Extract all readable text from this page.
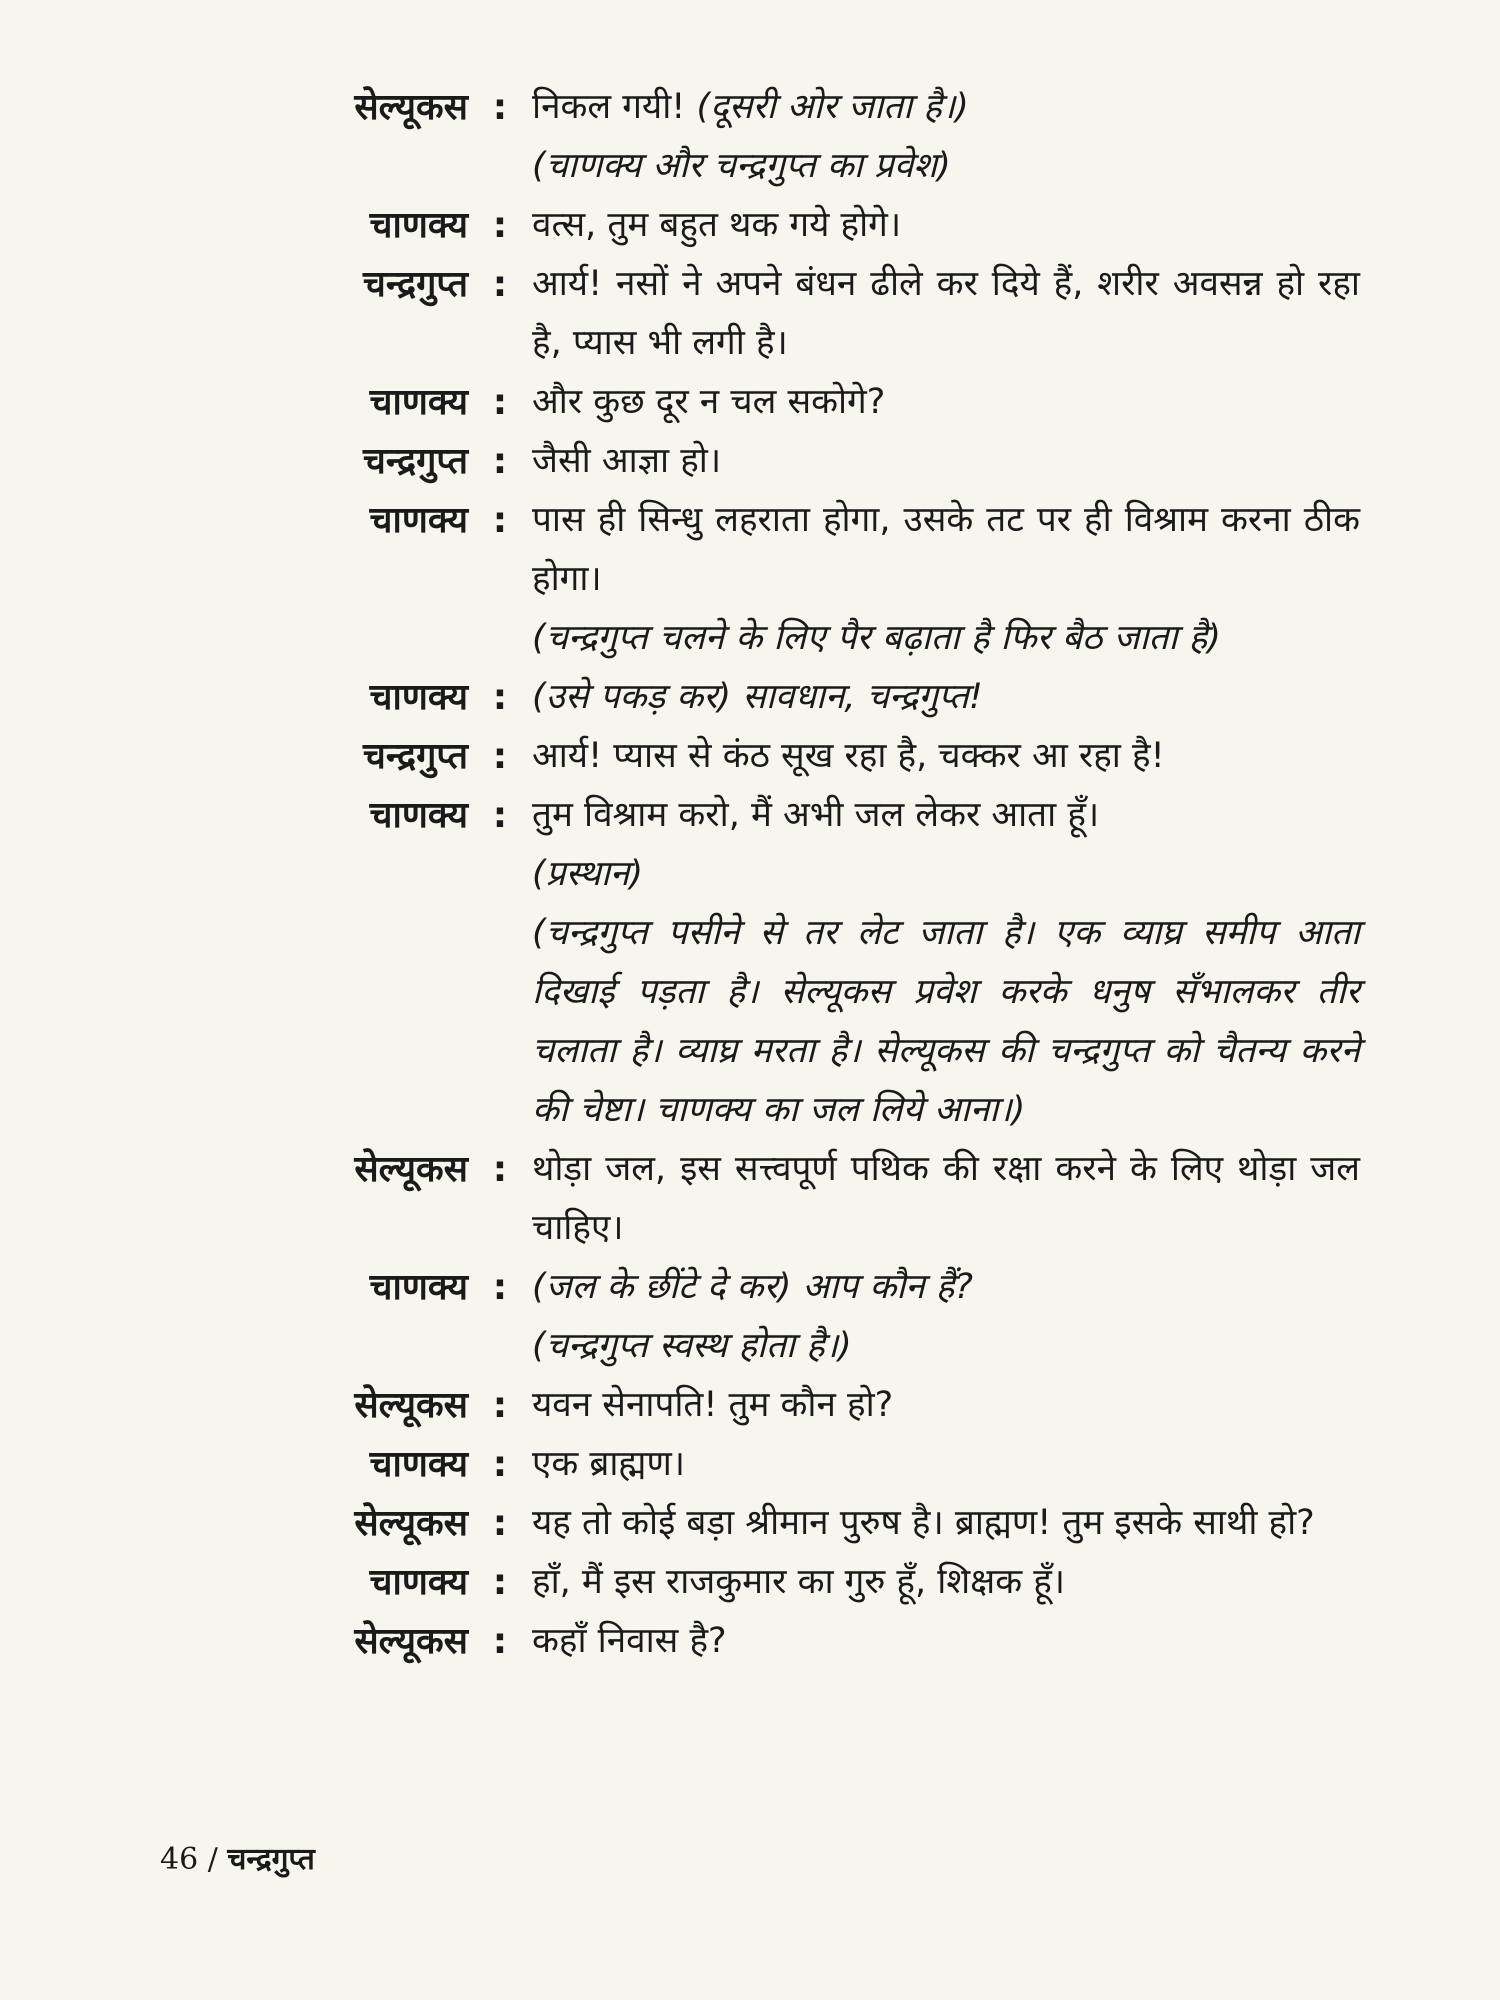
सेल्यूकस : निकल गयी! (दूसरी ओर जाता है।)
(चाणक्य और चन्द्रगुप्त का प्रवेश)
चाणक्य : वत्स, तुम बहुत थक गये होगे।
चन्द्रगुप्त : आर्य! नसों ने अपने बंधन ढीले कर दिये हैं, शरीर अवसन्न हो रहा है, प्यास भी लगी है।
चाणक्य : और कुछ दूर न चल सकोगे?
चन्द्रगुप्त : जैसी आज्ञा हो।
चाणक्य : पास ही सिन्धु लहराता होगा, उसके तट पर ही विश्राम करना ठीक होगा।
(चन्द्रगुप्त चलने के लिए पैर बढ़ाता है फिर बैठ जाता है)
चाणक्य : (उसे पकड़ कर) सावधान, चन्द्रगुप्त!
चन्द्रगुप्त : आर्य! प्यास से कंठ सूख रहा है, चक्कर आ रहा है!
चाणक्य : तुम विश्राम करो, मैं अभी जल लेकर आता हूँ।
(प्रस्थान)
(चन्द्रगुप्त पसीने से तर लेट जाता है। एक व्याघ्र समीप आता दिखाई पड़ता है। सेल्यूकस प्रवेश करके धनुष सँभालकर तीर चलाता है। व्याघ्र मरता है। सेल्यूकस की चन्द्रगुप्त को चैतन्य करने की चेष्टा। चाणक्य का जल लिये आना।)
सेल्यूकस : थोड़ा जल, इस सत्त्वपूर्ण पथिक की रक्षा करने के लिए थोड़ा जल चाहिए।
चाणक्य : (जल के छींटे दे कर) आप कौन हैं?
(चन्द्रगुप्त स्वस्थ होता है।)
सेल्यूकस : यवन सेनापति! तुम कौन हो?
चाणक्य : एक ब्राह्मण।
सेल्यूकस : यह तो कोई बड़ा श्रीमान पुरुष है। ब्राह्मण! तुम इसके साथी हो?
चाणक्य : हाँ, मैं इस राजकुमार का गुरु हूँ, शिक्षक हूँ।
सेल्यूकस : कहाँ निवास है?
46 / चन्द्रगुप्त
